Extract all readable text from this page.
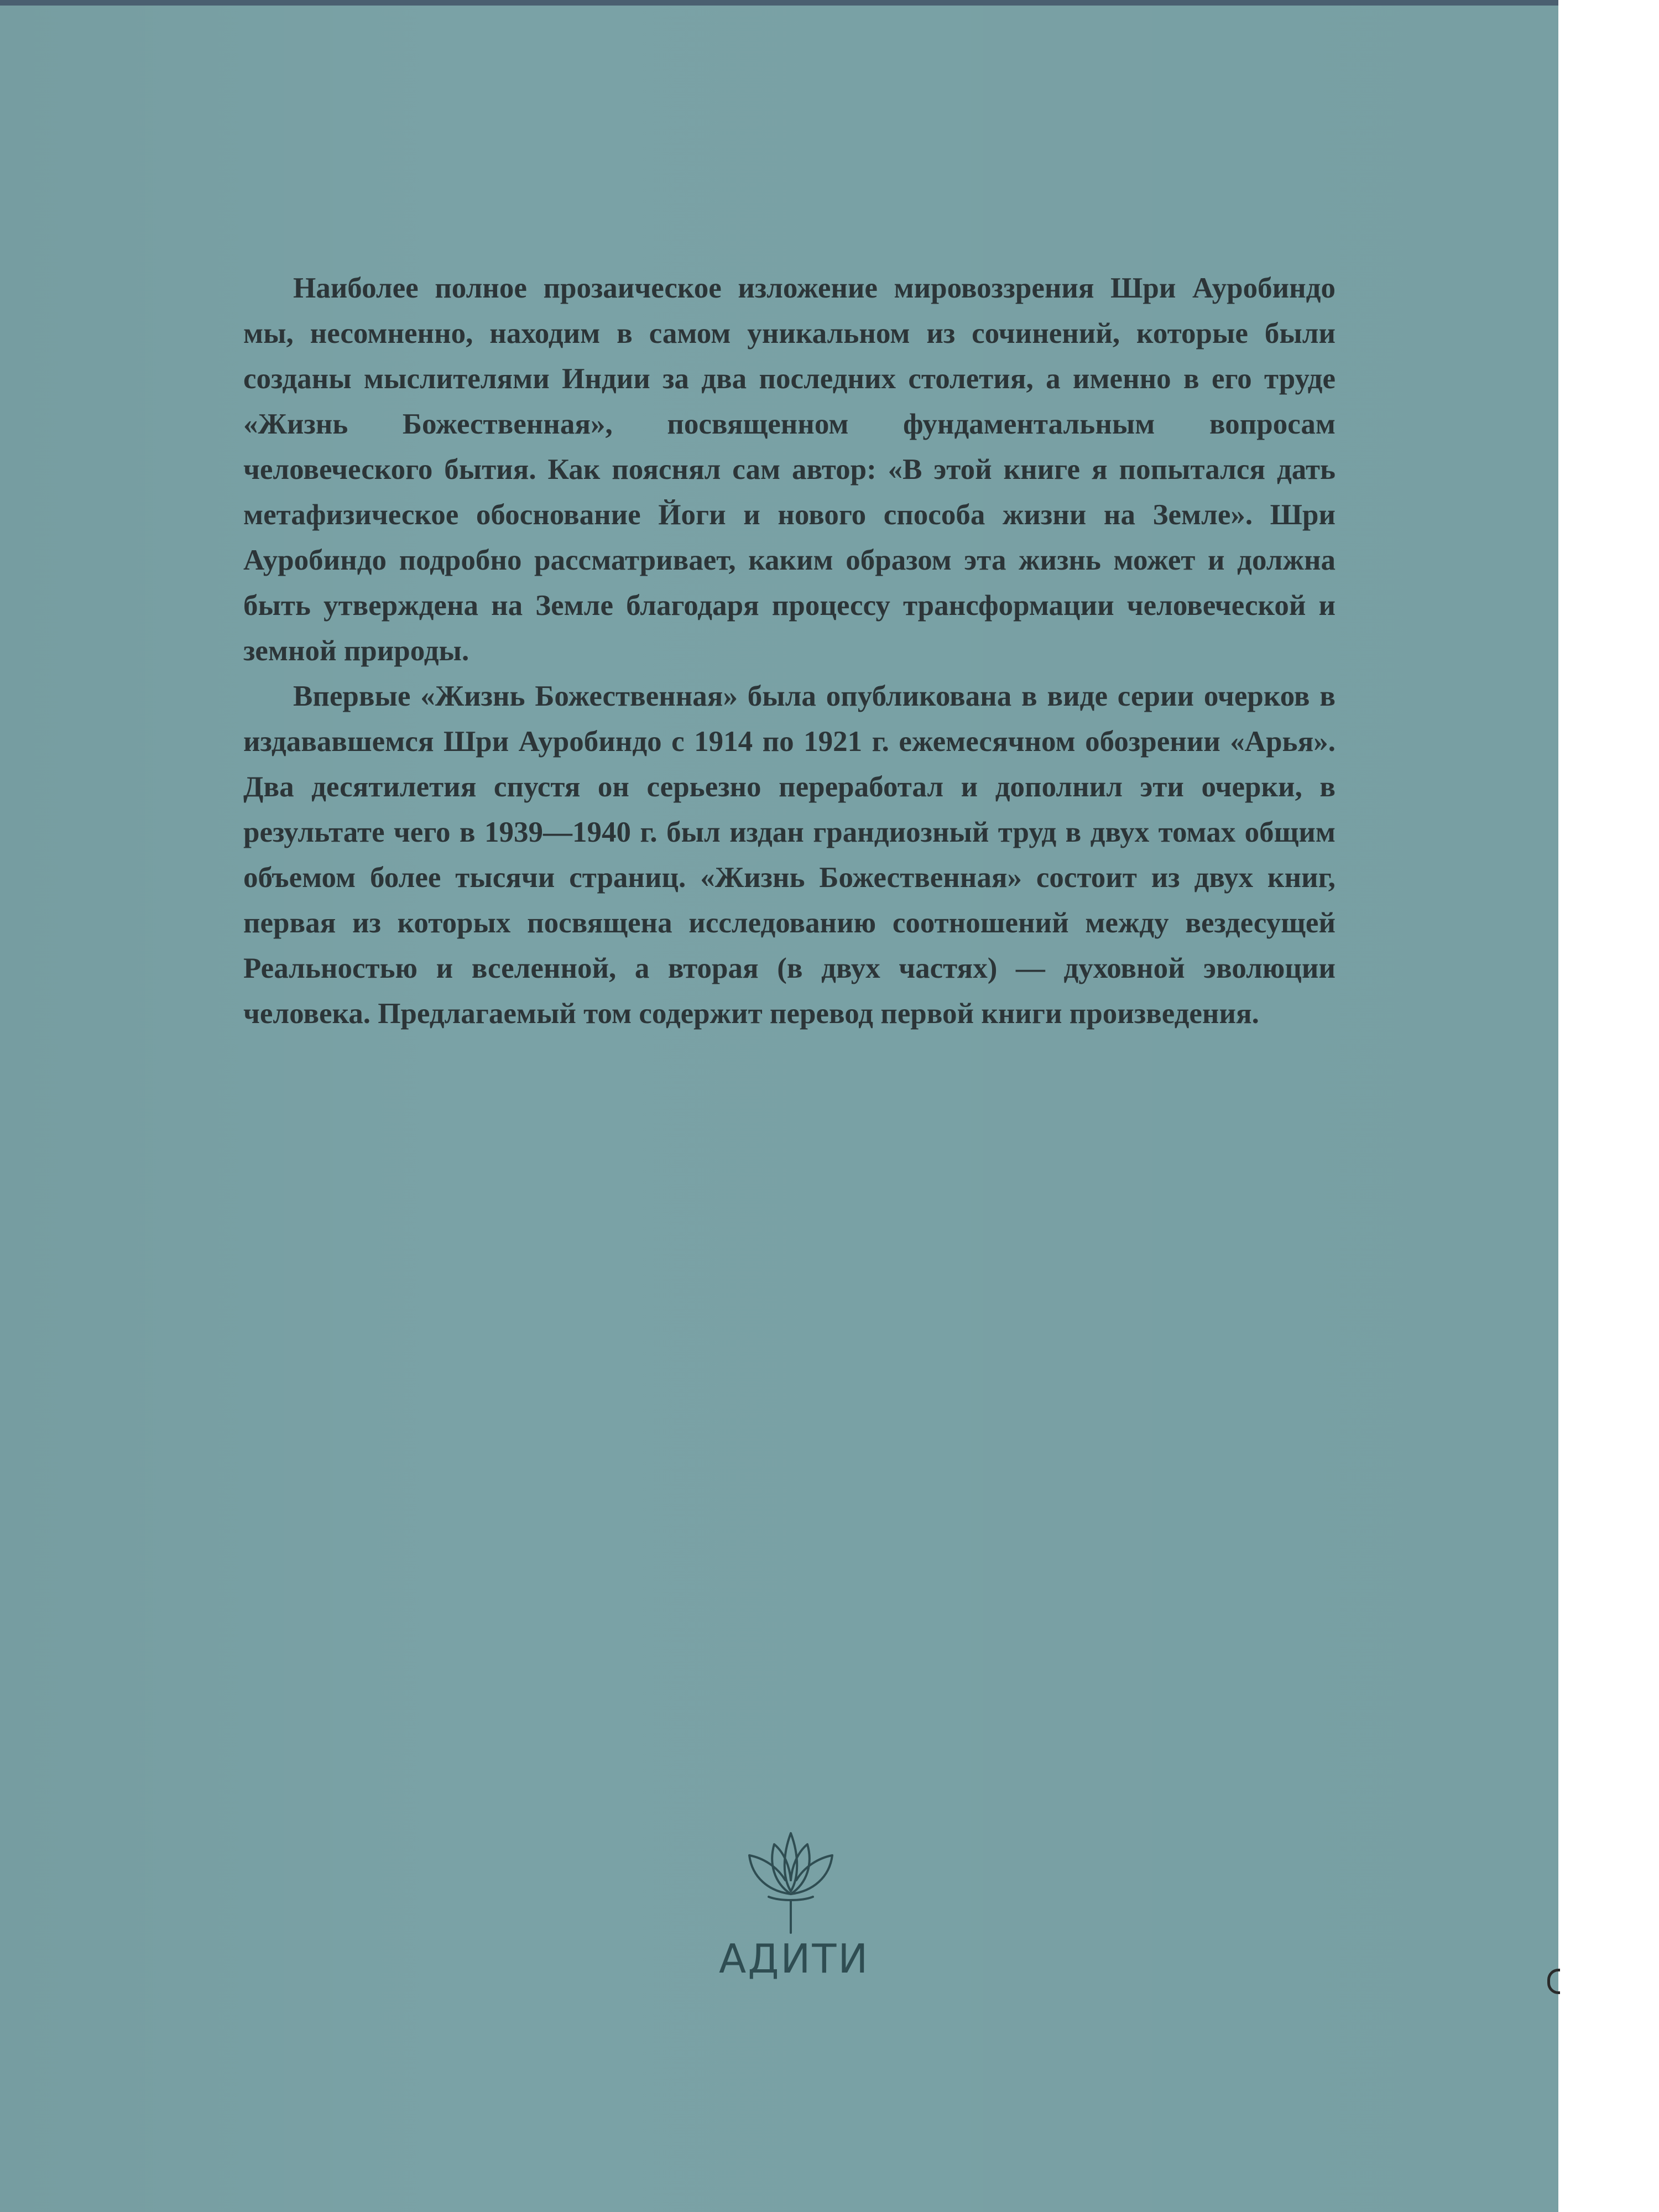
Наиболее полное прозаическое изложение мировоззрения Шри Ауробиндо мы, несомненно, находим в самом уникальном из сочинений, которые были созданы мыслителями Индии за два последних столетия, а именно в его труде «Жизнь Божественная», посвященном фундаментальным вопросам человеческого бытия. Как пояснял сам автор: «В этой книге я попытался дать метафизическое обоснование Йоги и нового способа жизни на Земле». Шри Ауробиндо подробно рассматривает, каким образом эта жизнь может и должна быть утверждена на Земле благодаря процессу трансформации человеческой и земной природы.

Впервые «Жизнь Божественная» была опубликована в виде серии очерков в издававшемся Шри Ауробиндо с 1914 по 1921 г. ежемесячном обозрении «Арья». Два десятилетия спустя он серьезно переработал и дополнил эти очерки, в результате чего в 1939—1940 г. был издан грандиозный труд в двух томах общим объемом более тысячи страниц. «Жизнь Божественная» состоит из двух книг, первая из которых посвящена исследованию соотношений между вездесущей Реальностью и вселенной, а вторая (в двух частях) — духовной эволюции человека. Предлагаемый том содержит перевод первой книги произведения.

АДИТИ
